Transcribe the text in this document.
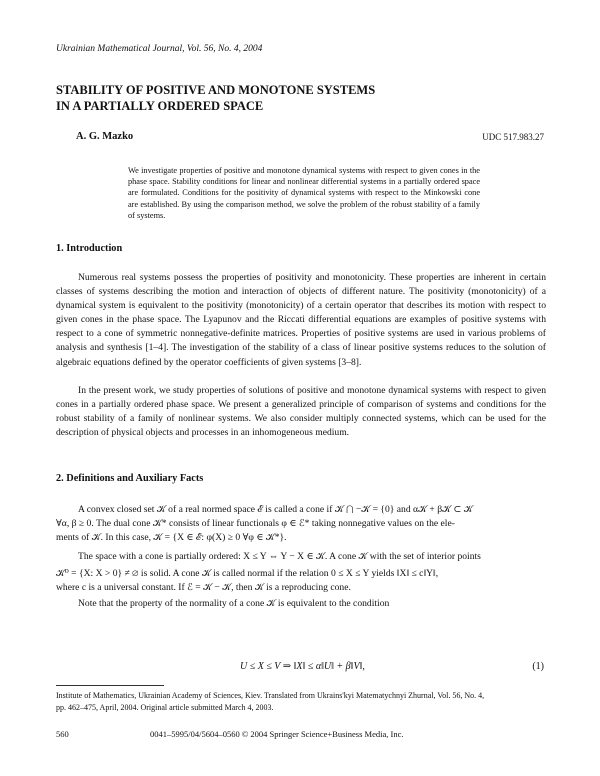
Ukrainian Mathematical Journal, Vol. 56, No. 4, 2004
STABILITY OF POSITIVE AND MONOTONE SYSTEMS
IN A PARTIALLY ORDERED SPACE
A. G. Mazko	UDC 517.983.27
We investigate properties of positive and monotone dynamical systems with respect to given cones in the phase space. Stability conditions for linear and nonlinear differential systems in a partially ordered space are formulated. Conditions for the positivity of dynamical systems with respect to the Minkowski cone are established. By using the comparison method, we solve the problem of the robust stability of a family of systems.
1. Introduction

Numerous real systems possess the properties of positivity and monotonicity. These properties are inherent in certain classes of systems describing the motion and interaction of objects of different nature. The positivity (monotonicity) of a dynamical system is equivalent to the positivity (monotonicity) of a certain operator that describes its motion with respect to given cones in the phase space. The Lyapunov and the Riccati differential equations are examples of positive systems with respect to a cone of symmetric nonnegative-definite matrices. Properties of positive systems are used in various problems of analysis and synthesis [1–4]. The investigation of the stability of a class of linear positive systems reduces to the solution of algebraic equations defined by the operator coefficients of given systems [3–8].

In the present work, we study properties of solutions of positive and monotone dynamical systems with respect to given cones in a partially ordered phase space. We present a generalized principle of comparison of systems and conditions for the robust stability of a family of nonlinear systems. We also consider multiply connected systems, which can be used for the description of physical objects and processes in an inhomogeneous medium.

2. Definitions and Auxiliary Facts
A convex closed set 𝒦 of a real normed space ℰ is called a cone if 𝒦 ⋂ −𝒦 = {0} and α𝒦 + β𝒦 ⊂ 𝒦
∀α, β ≥ 0. The dual cone 𝒦* consists of linear functionals φ ∈ ℰ* taking nonnegative values on the ele-
ments of 𝒦. In this case, 𝒦 = {X ∈ ℰ: φ(X) ≥ 0 ∀φ ∈ 𝒦*}.
The space with a cone is partially ordered: X ≤ Y ⇔ Y − X ∈ 𝒦. A cone 𝒦 with the set of interior points
𝒦⁰ = {X: X > 0} ≠ ∅ is solid. A cone 𝒦 is called normal if the relation 0 ≤ X ≤ Y yields ‖X‖ ≤ c‖Y‖,
where c is a universal constant. If ℰ = 𝒦 − 𝒦, then 𝒦 is a reproducing cone.
Note that the property of the normality of a cone 𝒦 is equivalent to the condition
U ≤ X ≤ V ⇒ ‖X‖ ≤ α‖U‖ + β‖V‖,	(1)
Institute of Mathematics, Ukrainian Academy of Sciences, Kiev. Translated from Ukrains'kyi Matematychnyi Zhurnal, Vol. 56, No. 4,
pp. 462–475, April, 2004. Original article submitted March 4, 2003.
560	0041–5995/04/5604–0560 © 2004 Springer Science+Business Media, Inc.
